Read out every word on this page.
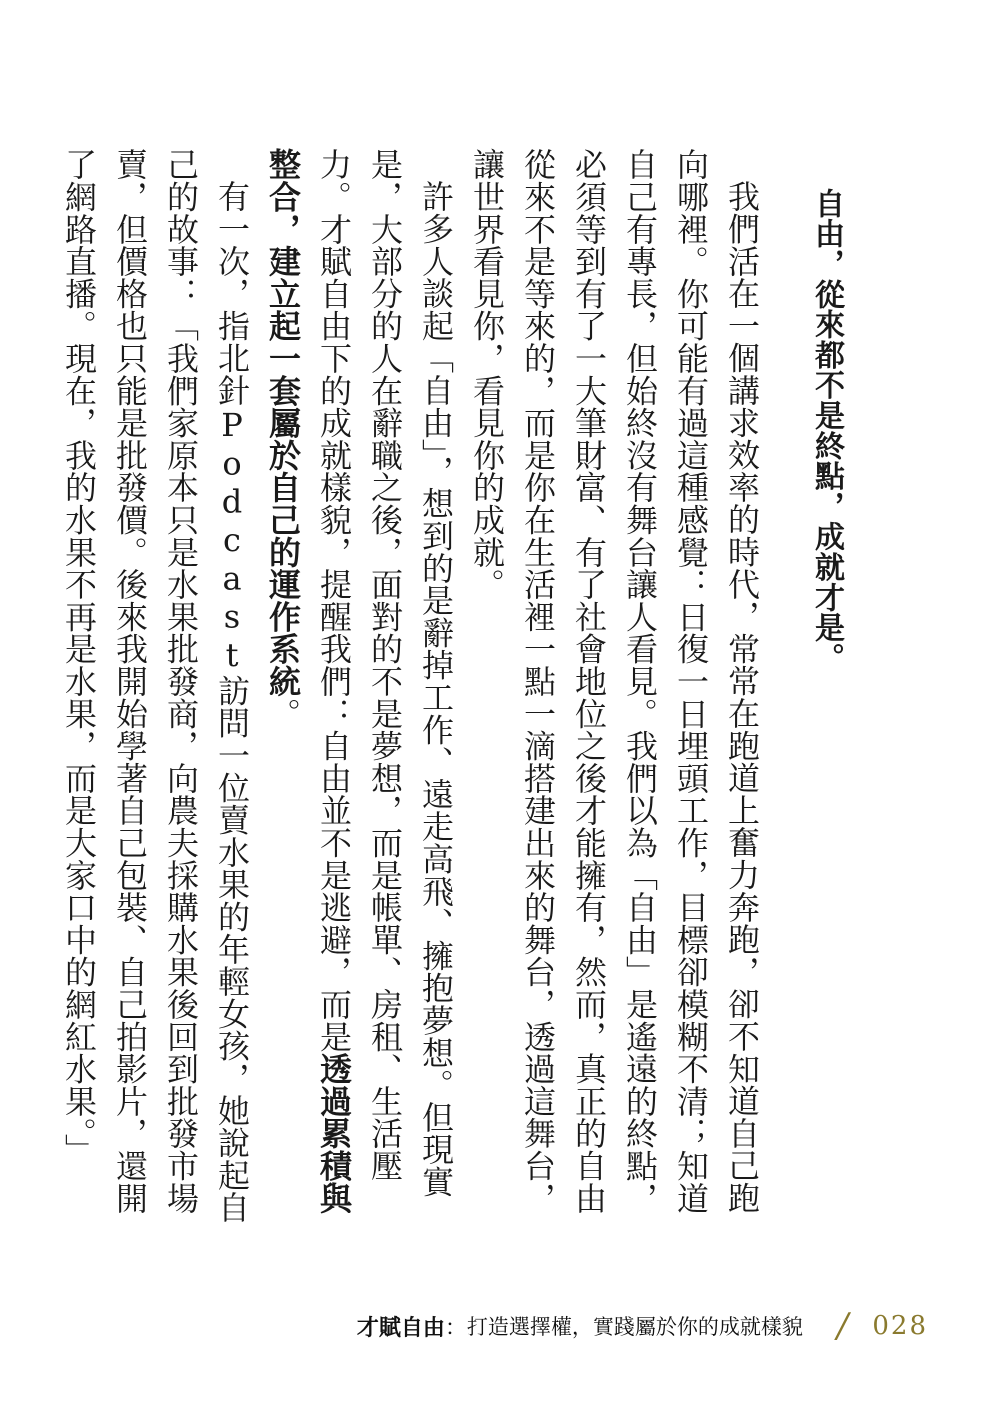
自由，從來都不是終點，成就才是。

我們活在一個講求效率的時代，常常在跑道上奮力奔跑，卻不知道自己跑向哪裡。你可能有過這種感覺：日復一日埋頭工作，目標卻模糊不清；知道自己有專長，但始終沒有舞台讓人看見。我們以為「自由」是遙遠的終點，必須等到有了一大筆財富、有了社會地位之後才能擁有，然而，真正的自由從來不是等來的，而是你在生活裡一點一滴搭建出來的舞台，透過這舞台，讓世界看見你，看見你的成就。

許多人談起「自由」，想到的是辭掉工作、遠走高飛、擁抱夢想。但現實是，大部分的人在辭職之後，面對的不是夢想，而是帳單、房租、生活壓力。才賦自由下的成就樣貌，提醒我們：自由並不是逃避，而是透過累積與整合，建立起一套屬於自己的運作系統。

有一次，指北針Podcast訪問一位賣水果的年輕女孩，她說起自己的故事：「我們家原本只是水果批發商，向農夫採購水果後回到批發市場賣，但價格也只能是批發價。後來我開始學著自己包裝、自己拍影片，還開了網路直播。現在，我的水果不再是水果，而是大家口中的網紅水果。」

才賦自由 ： 打造選擇權，實踐屬於你的成就樣貌 / 028
